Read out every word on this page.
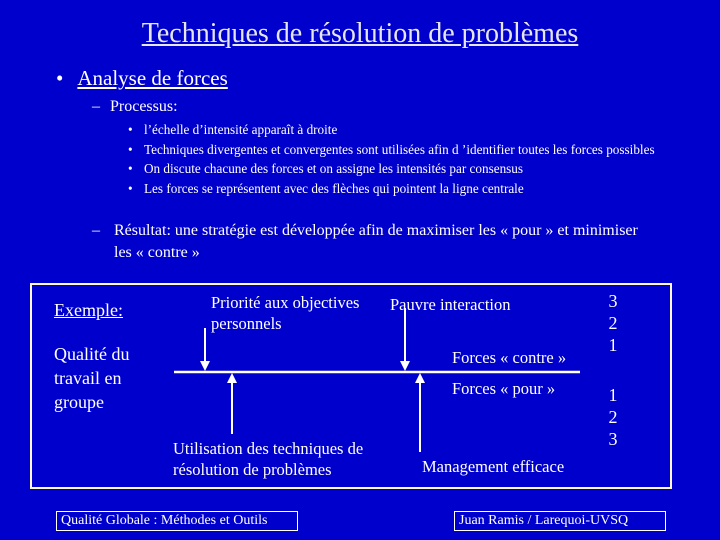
Techniques de résolution de problèmes
• Analyse de forces
– Processus:
• l’échelle d’intensité apparaît à droite
• Techniques divergentes et convergentes sont utilisées afin d ’identifier toutes les forces possibles
• On discute chacune des forces et on assigne les intensités par consensus
• Les forces se représentent avec des flèches qui pointent la ligne centrale
– Résultat: une stratégie est développée afin de maximiser les « pour » et minimiser les « contre »
Exemple:
Qualité du travail en groupe
Priorité aux objectives personnels
Pauvre interaction
Forces « contre »
Forces « pour »
Utilisation des techniques de résolution de problèmes	Management efficace
3
2
1
1
2
3
Qualité Globale : Méthodes et Outils	Juan Ramis / Larequoi-UVSQ
